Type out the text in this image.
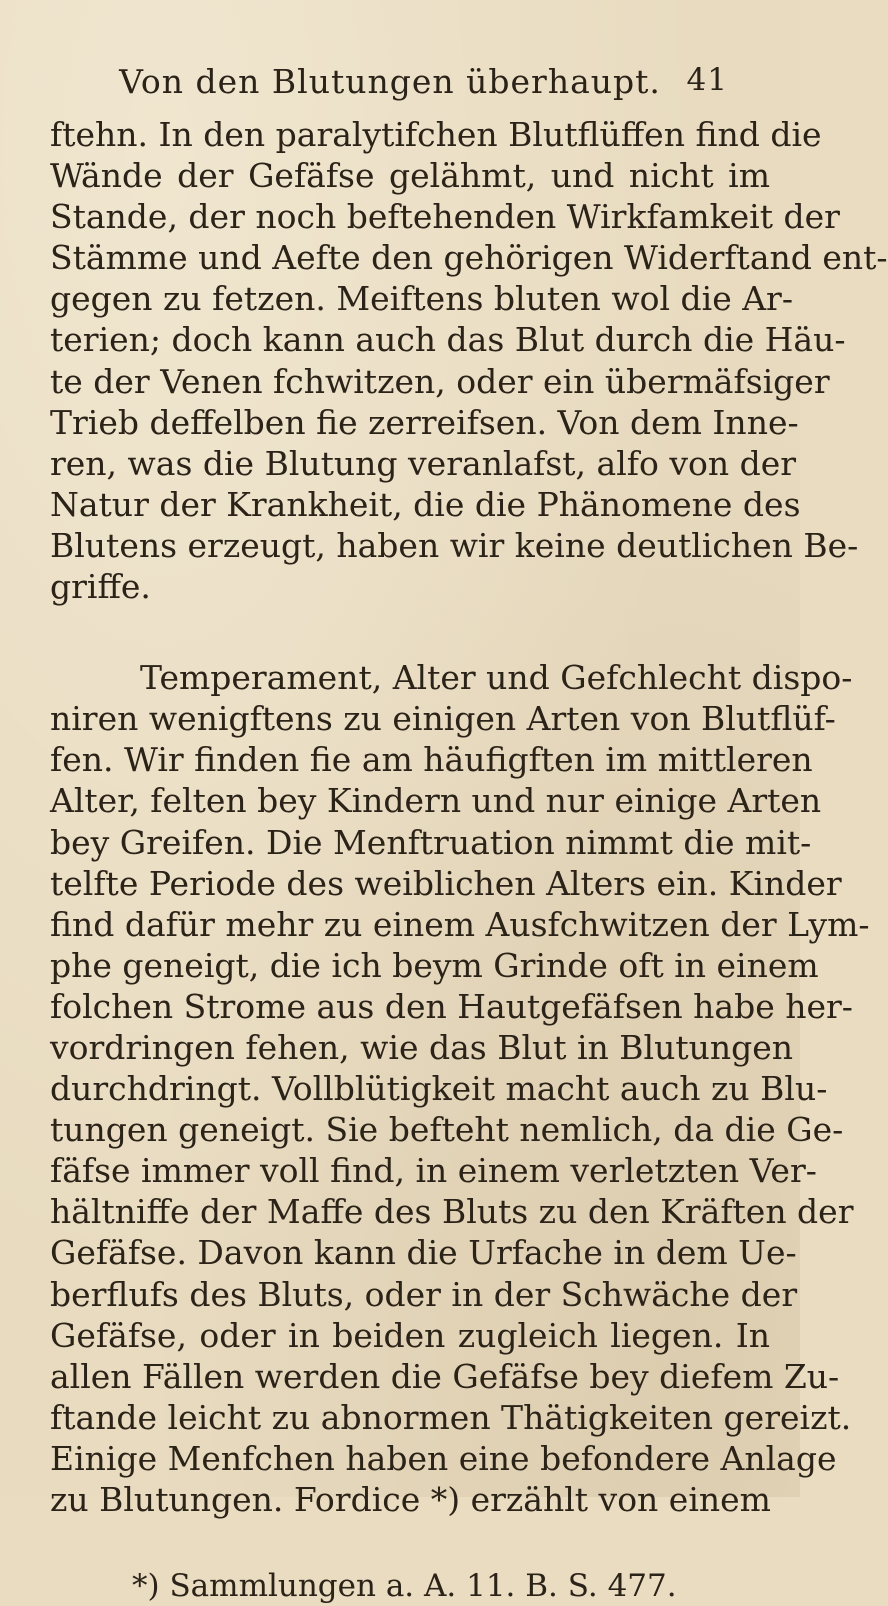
Von den Blutungen überhaupt. 41
ftehn. In den paralytifchen Blutflüffen find die
Wände der Gefäfse gelähmt, und nicht im
Stande, der noch beftehenden Wirkfamkeit der
Stämme und Aefte den gehörigen Widerftand ent-
gegen zu fetzen. Meiftens bluten wol die Ar-
terien; doch kann auch das Blut durch die Häu-
te der Venen fchwitzen, oder ein übermäfsiger
Trieb deffelben fie zerreifsen. Von dem Inne-
ren, was die Blutung veranlafst, alfo von der
Natur der Krankheit, die die Phänomene des
Blutens erzeugt, haben wir keine deutlichen Be-
griffe.
Temperament, Alter und Gefchlecht dispo-
niren wenigftens zu einigen Arten von Blutflüf-
fen. Wir finden fie am häufigften im mittleren
Alter, felten bey Kindern und nur einige Arten
bey Greifen. Die Menftruation nimmt die mit-
telfte Periode des weiblichen Alters ein. Kinder
find dafür mehr zu einem Ausfchwitzen der Lym-
phe geneigt, die ich beym Grinde oft in einem
folchen Strome aus den Hautgefäfsen habe her-
vordringen fehen, wie das Blut in Blutungen
durchdringt. Vollblütigkeit macht auch zu Blu-
tungen geneigt. Sie befteht nemlich, da die Ge-
fäfse immer voll find, in einem verletzten Ver-
hältniffe der Maffe des Bluts zu den Kräften der
Gefäfse. Davon kann die Urfache in dem Ue-
berflufs des Bluts, oder in der Schwäche der
Gefäfse, oder in beiden zugleich liegen. In
allen Fällen werden die Gefäfse bey diefem Zu-
ftande leicht zu abnormen Thätigkeiten gereizt.
Einige Menfchen haben eine befondere Anlage
zu Blutungen. Fordice *) erzählt von einem
*) Sammlungen a. A. 11. B. S. 477.
